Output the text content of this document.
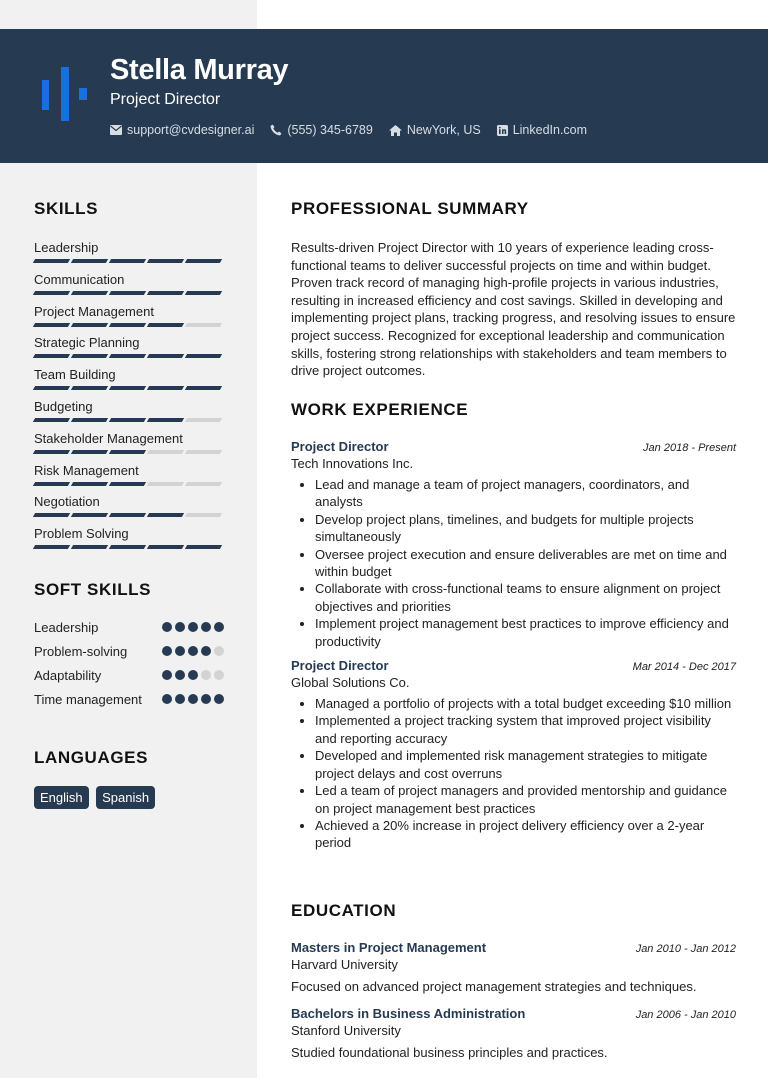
Stella Murray
Project Director
support@cvdesigner.ai	(555) 345-6789	NewYork, US	LinkedIn.com
SKILLS
Leadership
Communication
Project Management
Strategic Planning
Team Building
Budgeting
Stakeholder Management
Risk Management
Negotiation
Problem Solving
SOFT SKILLS
Leadership
Problem-solving
Adaptability
Time management
LANGUAGES
English Spanish
PROFESSIONAL SUMMARY
Results-driven Project Director with 10 years of experience leading cross-functional teams to deliver successful projects on time and within budget. Proven track record of managing high-profile projects in various industries, resulting in increased efficiency and cost savings. Skilled in developing and implementing project plans, tracking progress, and resolving issues to ensure project success. Recognized for exceptional leadership and communication skills, fostering strong relationships with stakeholders and team members to drive project outcomes.
WORK EXPERIENCE
Project Director	Jan 2018 - Present
Tech Innovations Inc.
• Lead and manage a team of project managers, coordinators, and analysts
• Develop project plans, timelines, and budgets for multiple projects simultaneously
• Oversee project execution and ensure deliverables are met on time and within budget
• Collaborate with cross-functional teams to ensure alignment on project objectives and priorities
• Implement project management best practices to improve efficiency and productivity
Project Director	Mar 2014 - Dec 2017
Global Solutions Co.
• Managed a portfolio of projects with a total budget exceeding $10 million
• Implemented a project tracking system that improved project visibility and reporting accuracy
• Developed and implemented risk management strategies to mitigate project delays and cost overruns
• Led a team of project managers and provided mentorship and guidance on project management best practices
• Achieved a 20% increase in project delivery efficiency over a 2-year period
EDUCATION
Masters in Project Management	Jan 2010 - Jan 2012
Harvard University
Focused on advanced project management strategies and techniques.
Bachelors in Business Administration	Jan 2006 - Jan 2010
Stanford University
Studied foundational business principles and practices.
